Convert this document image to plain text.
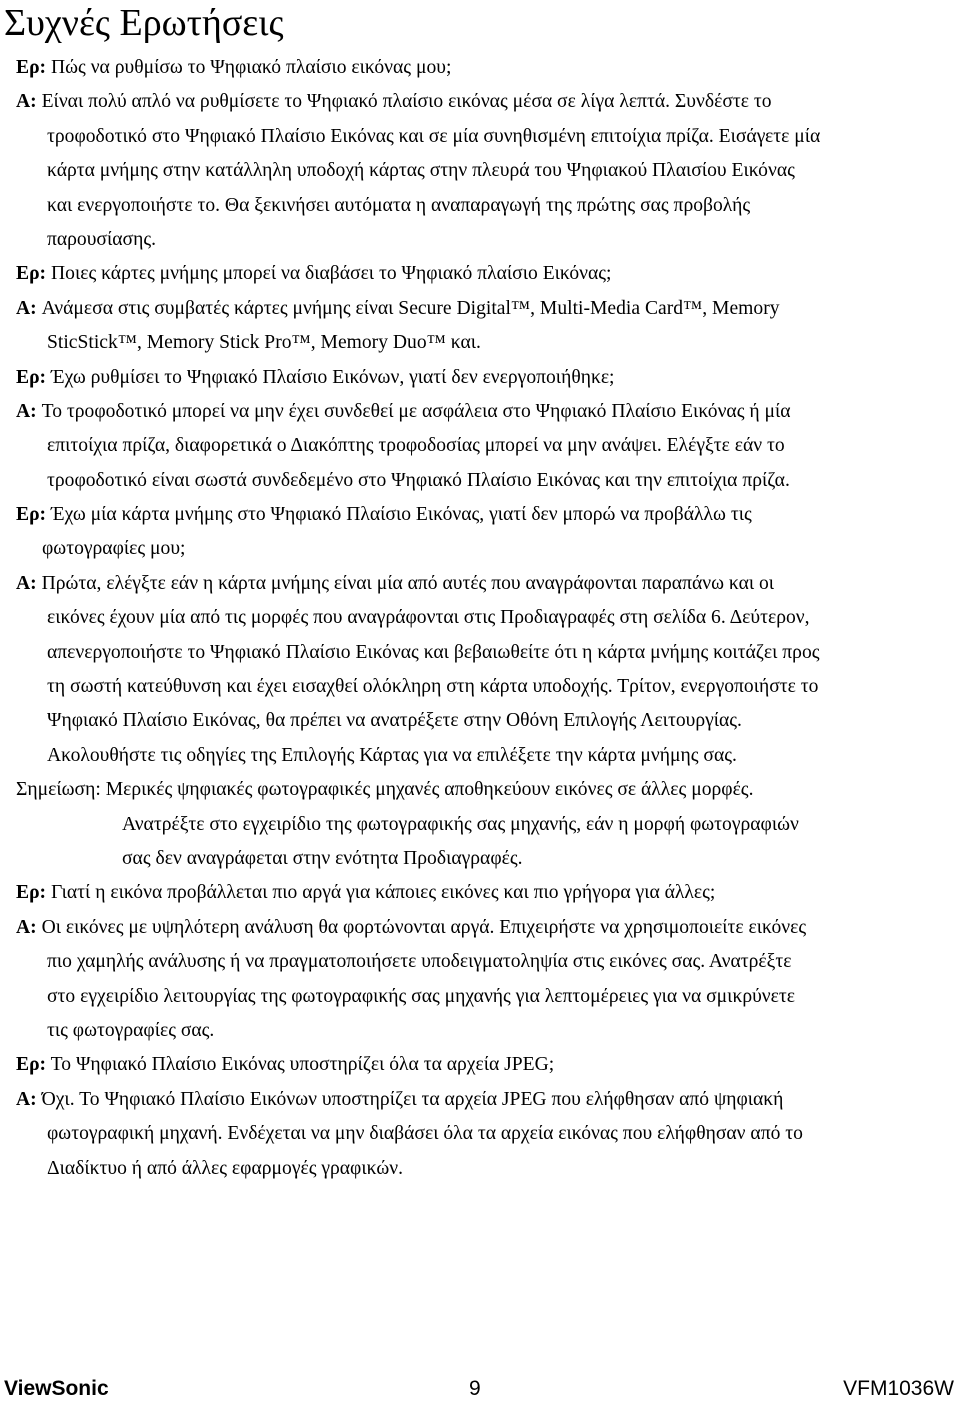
Συχνές Ερωτήσεις
Ερ: Πώς να ρυθμίσω το Ψηφιακό πλαίσιο εικόνας μου;
A: Είναι πολύ απλό να ρυθμίσετε το Ψηφιακό πλαίσιο εικόνας μέσα σε λίγα λεπτά. Συνδέστε το
τροφοδοτικό στο Ψηφιακό Πλαίσιο Εικόνας και σε μία συνηθισμένη επιτοίχια πρίζα. Εισάγετε μία
κάρτα μνήμης στην κατάλληλη υποδοχή κάρτας στην πλευρά του Ψηφιακού Πλαισίου Εικόνας
και ενεργοποιήστε το. Θα ξεκινήσει αυτόματα η αναπαραγωγή της πρώτης σας προβολής
παρουσίασης.
Ερ: Ποιες κάρτες μνήμης μπορεί να διαβάσει το Ψηφιακό πλαίσιο Εικόνας;
A: Ανάμεσα στις συμβατές κάρτες μνήμης είναι Secure Digital™, Multi-Media Card™, Memory
SticStick™, Memory Stick Pro™, Memory Duo™ και.
Ερ: Έχω ρυθμίσει το Ψηφιακό Πλαίσιο Εικόνων, γιατί δεν ενεργοποιήθηκε;
A: Το τροφοδοτικό μπορεί να μην έχει συνδεθεί με ασφάλεια στο Ψηφιακό Πλαίσιο Εικόνας ή μία
επιτοίχια πρίζα, διαφορετικά ο Διακόπτης τροφοδοσίας μπορεί να μην ανάψει. Ελέγξτε εάν το
τροφοδοτικό είναι σωστά συνδεδεμένο στο Ψηφιακό Πλαίσιο Εικόνας και την επιτοίχια πρίζα.
Ερ: Έχω μία κάρτα μνήμης στο Ψηφιακό Πλαίσιο Εικόνας, γιατί δεν μπορώ να προβάλλω τις
φωτογραφίες μου;
A: Πρώτα, ελέγξτε εάν η κάρτα μνήμης είναι μία από αυτές που αναγράφονται παραπάνω και οι
εικόνες έχουν μία από τις μορφές που αναγράφονται στις Προδιαγραφές στη σελίδα 6. Δεύτερον,
απενεργοποιήστε το Ψηφιακό Πλαίσιο Εικόνας και βεβαιωθείτε ότι η κάρτα μνήμης κοιτάζει προς
τη σωστή κατεύθυνση και έχει εισαχθεί ολόκληρη στη κάρτα υποδοχής. Τρίτον, ενεργοποιήστε το
Ψηφιακό Πλαίσιο Εικόνας, θα πρέπει να ανατρέξετε στην Οθόνη Επιλογής Λειτουργίας.
Ακολουθήστε τις οδηγίες της Επιλογής Κάρτας για να επιλέξετε την κάρτα μνήμης σας.
Σημείωση: Μερικές ψηφιακές φωτογραφικές μηχανές αποθηκεύουν εικόνες σε άλλες μορφές.
Ανατρέξτε στο εγχειρίδιο της φωτογραφικής σας μηχανής, εάν η μορφή φωτογραφιών
σας δεν αναγράφεται στην ενότητα Προδιαγραφές.
Ερ: Γιατί η εικόνα προβάλλεται πιο αργά για κάποιες εικόνες και πιο γρήγορα για άλλες;
A: Οι εικόνες με υψηλότερη ανάλυση θα φορτώνονται αργά. Επιχειρήστε να χρησιμοποιείτε εικόνες
πιο χαμηλής ανάλυσης ή να πραγματοποιήσετε υποδειγματοληψία στις εικόνες σας. Ανατρέξτε
στο εγχειρίδιο λειτουργίας της φωτογραφικής σας μηχανής για λεπτομέρειες για να σμικρύνετε
τις φωτογραφίες σας.
Ερ: Το Ψηφιακό Πλαίσιο Εικόνας υποστηρίζει όλα τα αρχεία JPEG;
A: Όχι. Το Ψηφιακό Πλαίσιο Εικόνων υποστηρίζει τα αρχεία JPEG που ελήφθησαν από ψηφιακή
φωτογραφική μηχανή. Ενδέχεται να μην διαβάσει όλα τα αρχεία εικόνας που ελήφθησαν από το
Διαδίκτυο ή από άλλες εφαρμογές γραφικών.
ViewSonic	9	VFM1036W
